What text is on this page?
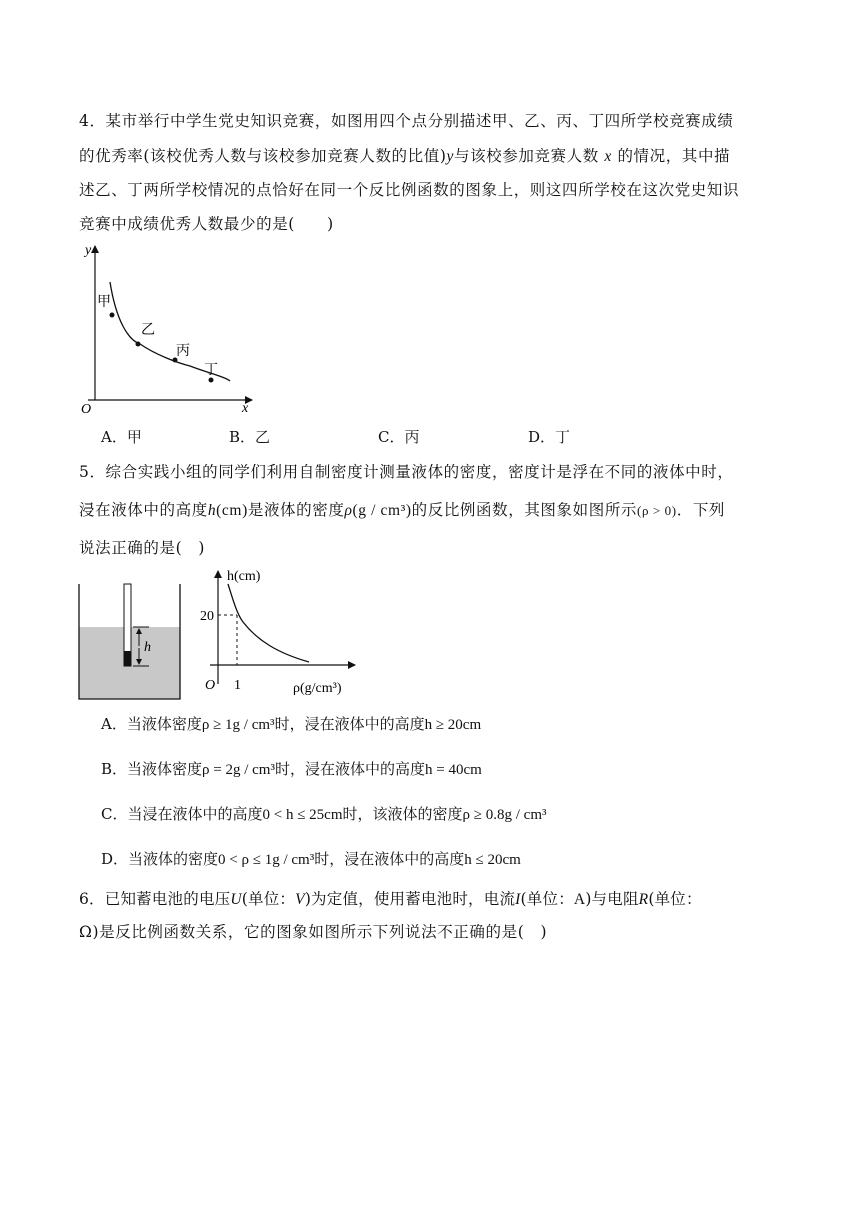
4．某市举行中学生党史知识竞赛，如图用四个点分别描述甲、乙、丙、丁四所学校竞赛成绩
的优秀率(该校优秀人数与该校参加竞赛人数的比值)y与该校参加竞赛人数 x 的情况，其中描
述乙、丁两所学校情况的点恰好在同一个反比例函数的图象上，则这四所学校在这次党史知识
竞赛中成绩优秀人数最少的是(　　)
y
x
O
甲
乙
丙
丁
A．甲	B．乙	C．丙	D．丁
5．综合实践小组的同学们利用自制密度计测量液体的密度，密度计是浮在不同的液体中时，
浸在液体中的高度h(cm)是液体的密度ρ(g / cm³)的反比例函数，其图象如图所示(ρ > 0)．下列
说法正确的是(　)
h
h(cm)
ρ(g/cm³)
O
20
1
A．当液体密度ρ ≥ 1g / cm³时，浸在液体中的高度h ≥ 20cm
B．当液体密度ρ = 2g / cm³时，浸在液体中的高度h = 40cm
C．当浸在液体中的高度0 < h ≤ 25cm时，该液体的密度ρ ≥ 0.8g / cm³
D．当液体的密度0 < ρ ≤ 1g / cm³时，浸在液体中的高度h ≤ 20cm
6．已知蓄电池的电压U(单位：V)为定值，使用蓄电池时，电流I(单位：A)与电阻R(单位：
Ω)是反比例函数关系，它的图象如图所示下列说法不正确的是(　)
